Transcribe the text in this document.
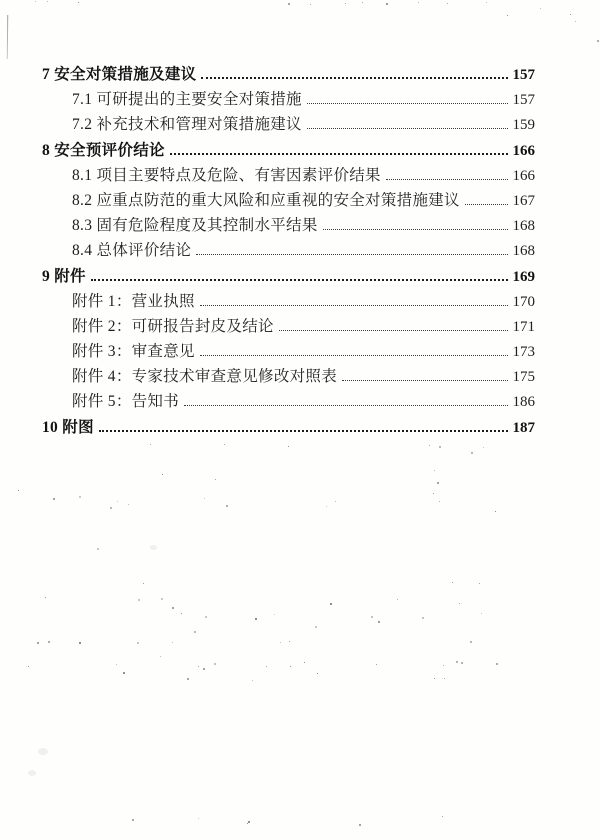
7 安全对策措施及建议	157
7.1 可研提出的主要安全对策措施	157
7.2 补充技术和管理对策措施建议	159
8 安全预评价结论	166
8.1 项目主要特点及危险、有害因素评价结果	166
8.2 应重点防范的重大风险和应重视的安全对策措施建议	167
8.3 固有危险程度及其控制水平结果	168
8.4 总体评价结论	168
9 附件	169
附件 1：营业执照	170
附件 2：可研报告封皮及结论	171
附件 3：审查意见	173
附件 4：专家技术审查意见修改对照表	175
附件 5：告知书	186
10 附图	187
